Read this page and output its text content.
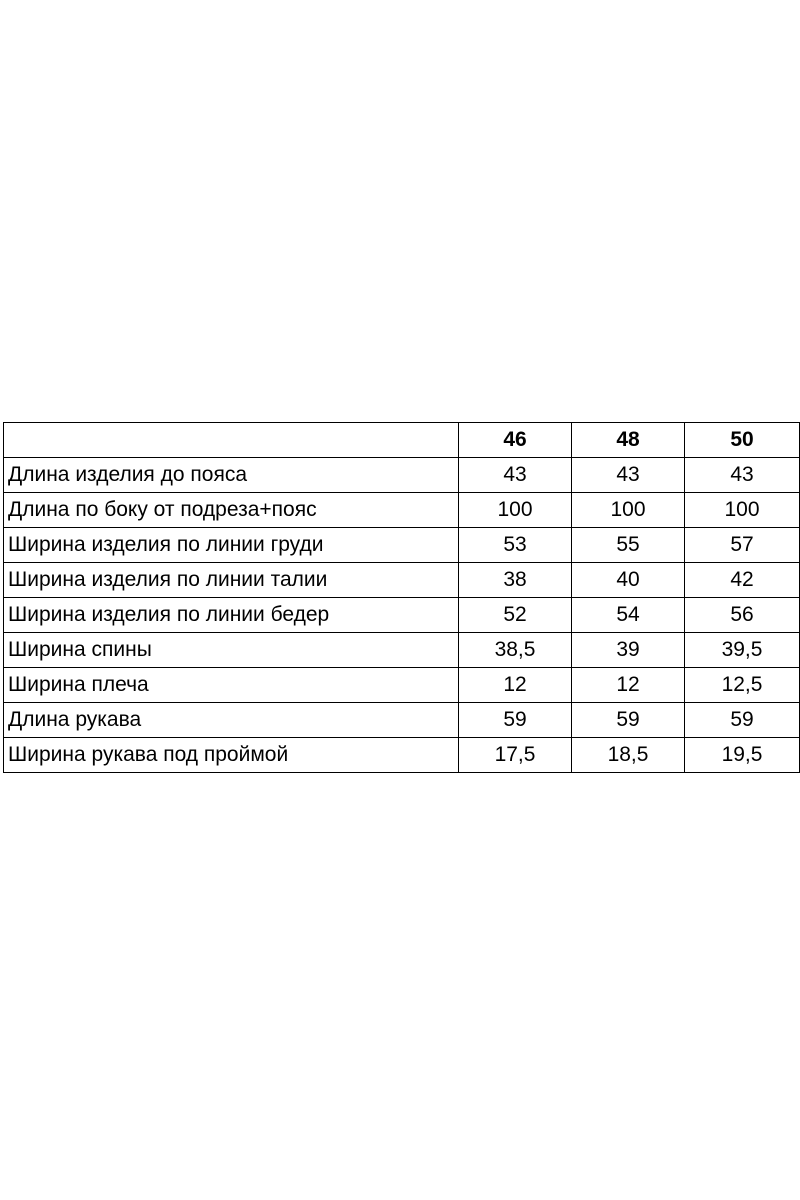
	46	48	50
Длина изделия до пояса	43	43	43
Длина по боку от подреза+пояс	100	100	100
Ширина изделия по линии груди	53	55	57
Ширина изделия по линии талии	38	40	42
Ширина изделия по линии бедер	52	54	56
Ширина спины	38,5	39	39,5
Ширина плеча	12	12	12,5
Длина рукава	59	59	59
Ширина рукава под проймой	17,5	18,5	19,5
